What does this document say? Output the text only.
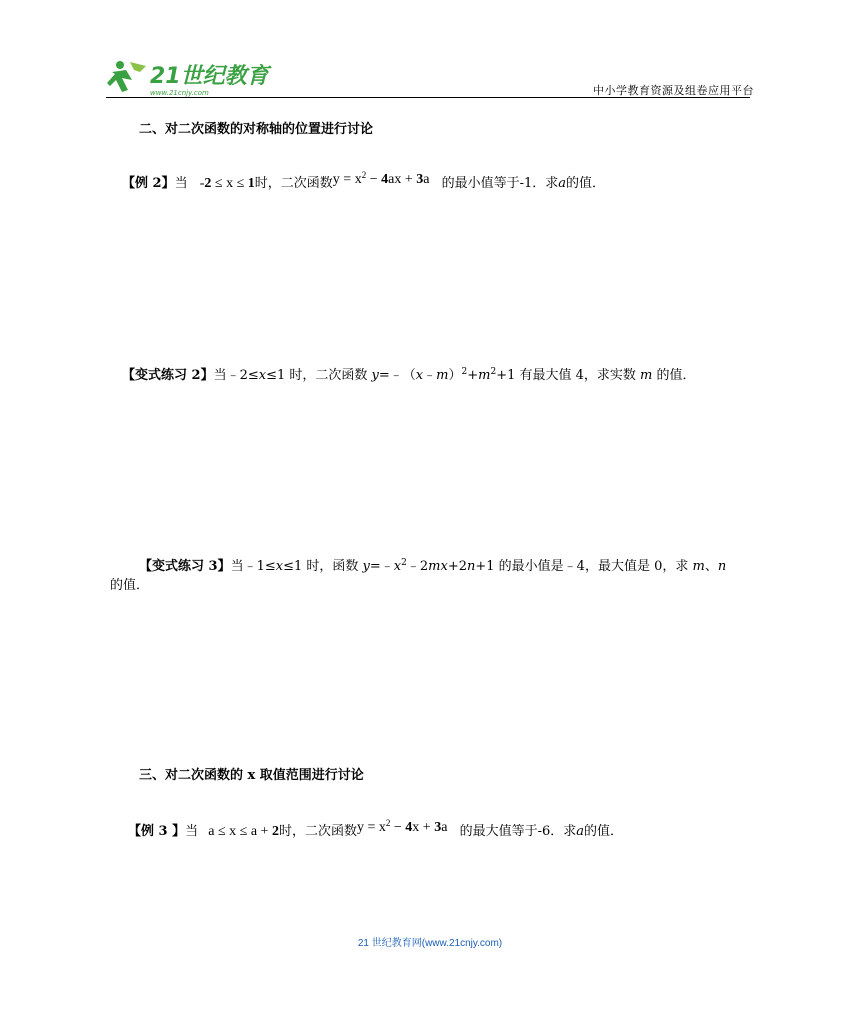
21世纪教育
www.21cnjy.com	中小学教育资源及组卷应用平台
二、对二次函数的对称轴的位置进行讨论
【例 2】当 -2 ≤ x ≤ 1时，二次函数$y = x^2 - 4ax + 3a$ 的最小值等于-1．求a的值．
【变式练习 2】当﹣2≤x≤1 时，二次函数 $y=﹣(x﹣m)^2+m^2+1$ 有最大值 4，求实数 m 的值．
【变式练习 3】当﹣1≤x≤1 时，函数 $y=﹣x^2﹣2mx+2n+1$ 的最小值是﹣4，最大值是 0，求 m、n
的值．
三、对二次函数的 x 取值范围进行讨论
【例 3 】当 a ≤ x ≤ a + 2时，二次函数$y = x^2 - 4x + 3a$ 的最大值等于-6．求a的值．
21 世纪教育网(www.21cnjy.com)
